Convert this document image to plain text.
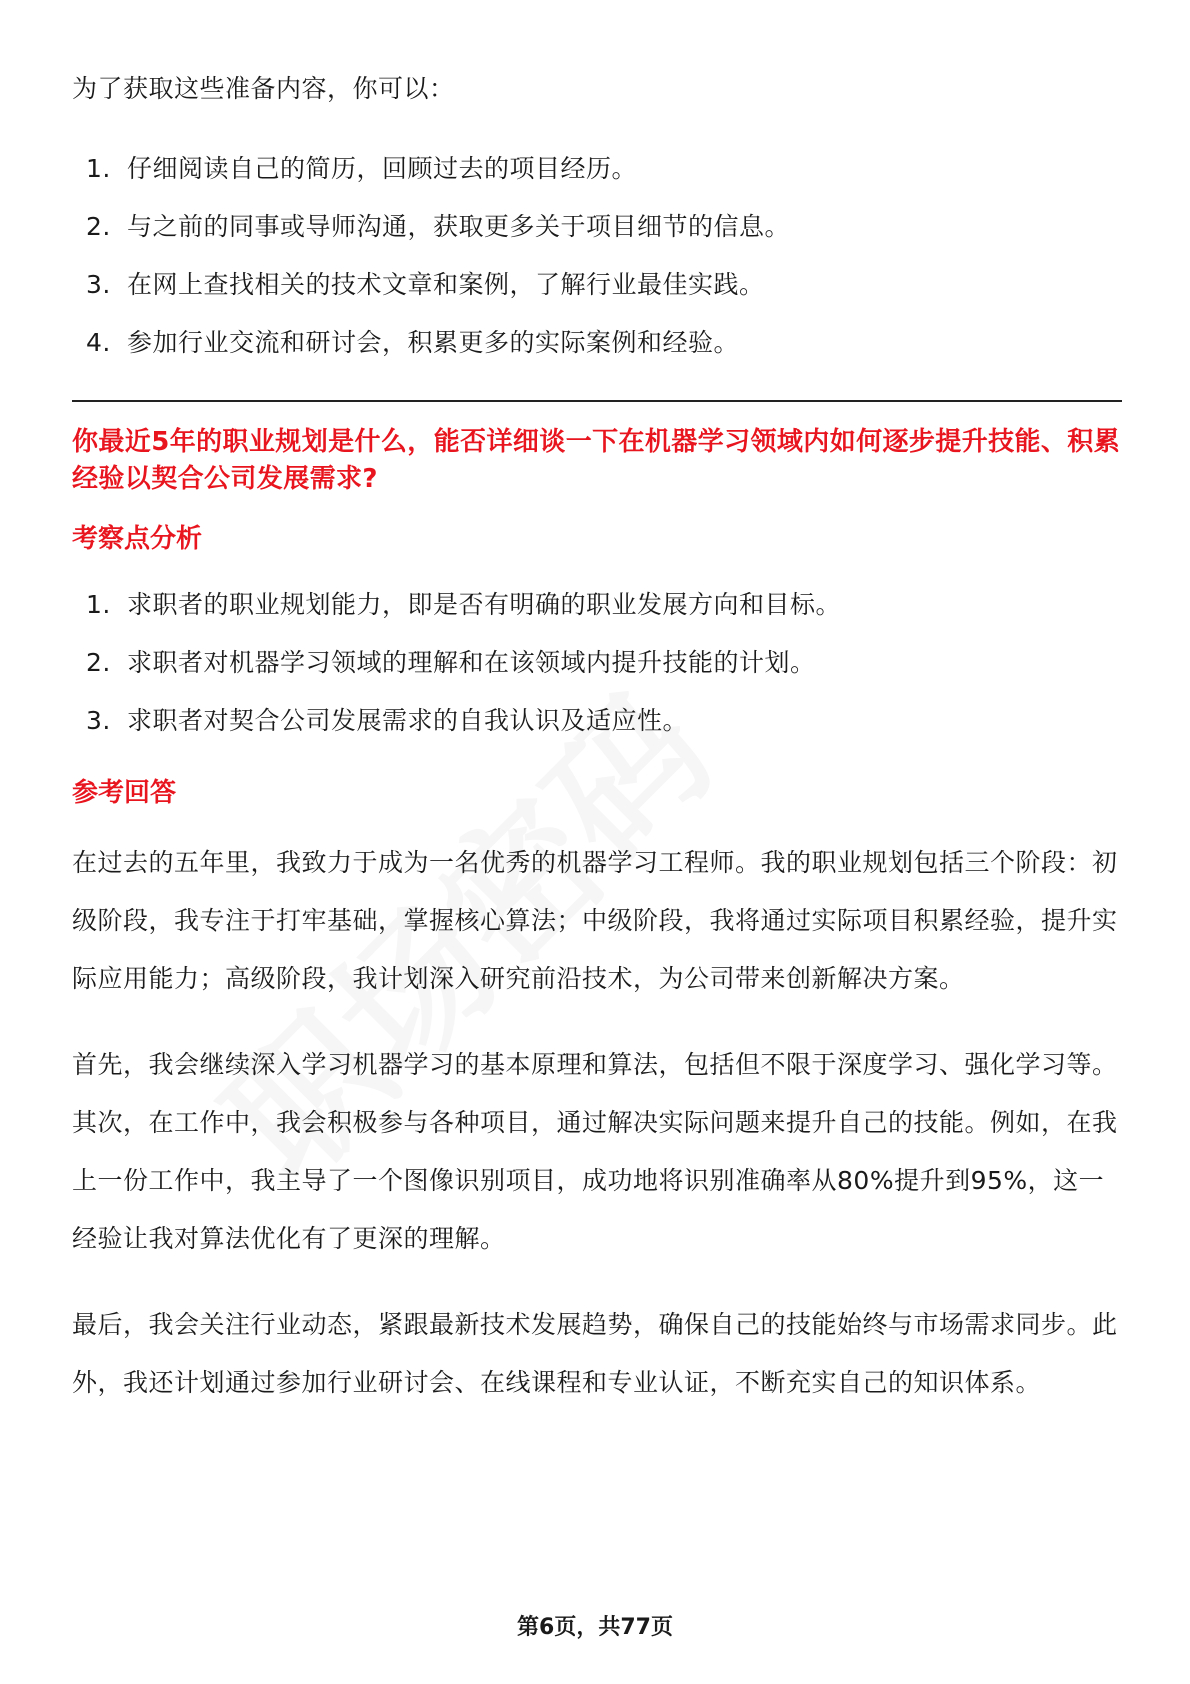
为了获取这些准备内容，你可以：

1. 仔细阅读自己的简历，回顾过去的项目经历。
2. 与之前的同事或导师沟通，获取更多关于项目细节的信息。
3. 在网上查找相关的技术文章和案例，了解行业最佳实践。
4. 参加行业交流和研讨会，积累更多的实际案例和经验。

你最近5年的职业规划是什么，能否详细谈一下在机器学习领域内如何逐步提升技能、积累经验以契合公司发展需求?

考察点分析
1. 求职者的职业规划能力，即是否有明确的职业发展方向和目标。
2. 求职者对机器学习领域的理解和在该领域内提升技能的计划。
3. 求职者对契合公司发展需求的自我认识及适应性。
参考回答

在过去的五年里，我致力于成为一名优秀的机器学习工程师。我的职业规划包括三个阶段：初级阶段，我专注于打牢基础，掌握核心算法；中级阶段，我将通过实际项目积累经验，提升实际应用能力；高级阶段，我计划深入研究前沿技术，为公司带来创新解决方案。

首先，我会继续深入学习机器学习的基本原理和算法，包括但不限于深度学习、强化学习等。其次，在工作中，我会积极参与各种项目，通过解决实际问题来提升自己的技能。例如，在我上一份工作中，我主导了一个图像识别项目，成功地将识别准确率从80%提升到95%，这一经验让我对算法优化有了更深的理解。

最后，我会关注行业动态，紧跟最新技术发展趋势，确保自己的技能始终与市场需求同步。此外，我还计划通过参加行业研讨会、在线课程和专业认证，不断充实自己的知识体系。

第6页，共77页
